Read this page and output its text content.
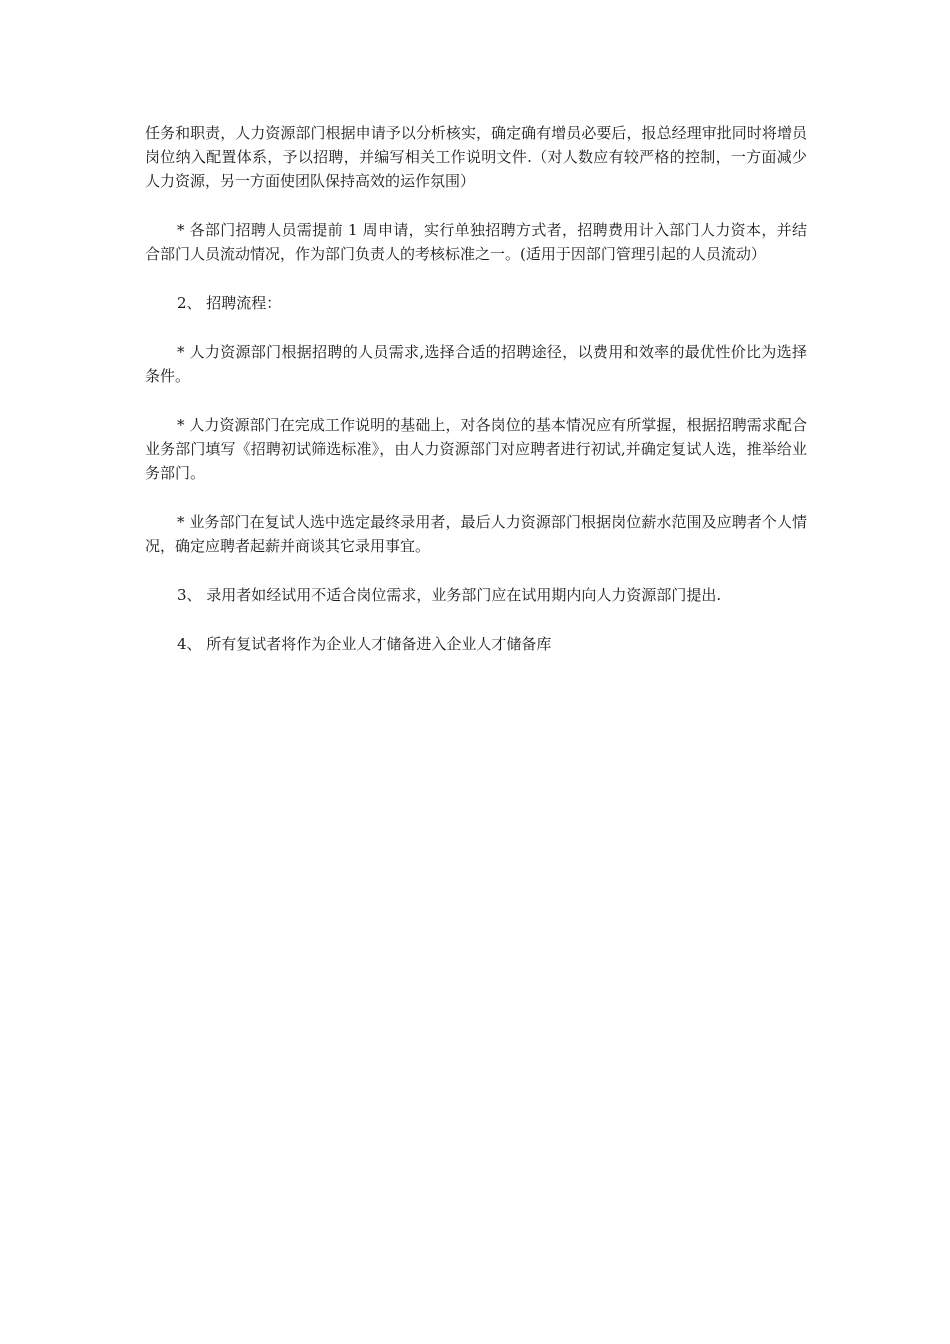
任务和职责，人力资源部门根据申请予以分析核实，确定确有增员必要后，报总经理审批同时将增员岗位纳入配置体系，予以招聘，并编写相关工作说明文件.（对人数应有较严格的控制，一方面减少人力资源，另一方面使团队保持高效的运作氛围）

* 各部门招聘人员需提前 1 周申请，实行单独招聘方式者，招聘费用计入部门人力资本，并结合部门人员流动情况，作为部门负责人的考核标准之一。(适用于因部门管理引起的人员流动）

2、 招聘流程：

* 人力资源部门根据招聘的人员需求,选择合适的招聘途径，以费用和效率的最优性价比为选择条件。

* 人力资源部门在完成工作说明的基础上，对各岗位的基本情况应有所掌握，根据招聘需求配合业务部门填写《招聘初试筛选标准》，由人力资源部门对应聘者进行初试,并确定复试人选，推举给业务部门。

* 业务部门在复试人选中选定最终录用者，最后人力资源部门根据岗位薪水范围及应聘者个人情况，确定应聘者起薪并商谈其它录用事宜。

3、 录用者如经试用不适合岗位需求，业务部门应在试用期内向人力资源部门提出.

4、 所有复试者将作为企业人才储备进入企业人才储备库
